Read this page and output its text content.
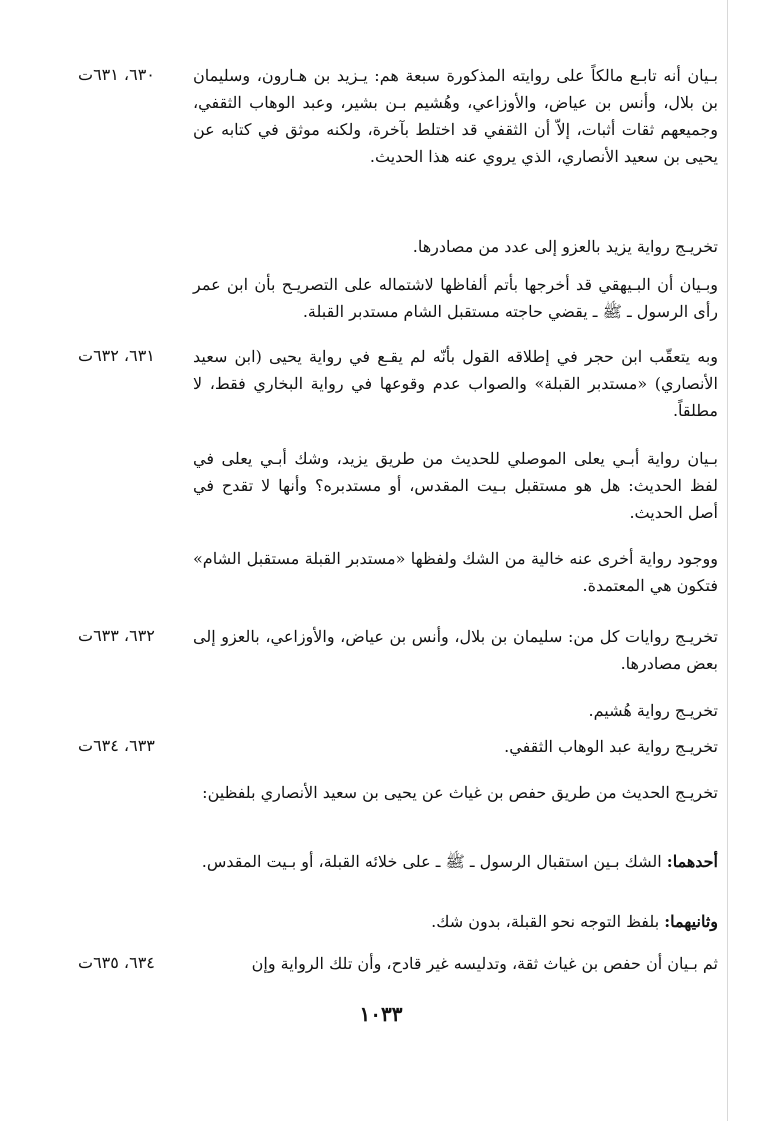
٦٣٠، ٦٣١ت	بـيان أنه تابـع مالكاً على روايته المذكورة سبعة هم: يـزيد بن هـارون، وسليمان بن بلال، وأنس بن عياض، والأوزاعي، وهُشيم بـن بشير، وعبد الوهاب الثقفي، وجميعهم ثقات أثبات، إلاّ أن الثقفي قد اختلط بآخرة، ولكنه موثق في كتابه عن يحيى بن سعيد الأنصاري، الذي يروي عنه هذا الحديث.
تخريـج رواية يزيد بالعزو إلى عدد من مصادرها.
وبـيان أن البـيهقي قد أخرجها بأتم ألفاظها لاشتماله على التصريـح بأن ابن عمر رأى الرسول ـ ﷺ ـ يقضي حاجته مستقبل الشام مستدبر القبلة.
٦٣١، ٦٣٢ت	وبه يتعقّب ابن حجر في إطلاقه القول بأنّه لم يقـع في رواية يحيى (ابن سعيد الأنصاري) «مستدبر القبلة» والصواب عدم وقوعها في رواية البخاري فقط، لا مطلقاً.
بـيان رواية أبـي يعلى الموصلي للحديث من طريق يزيد، وشك أبـي يعلى في لفظ الحديث: هل هو مستقبل بـيت المقدس، أو مستدبره؟ وأنها لا تقدح في أصل الحديث.
ووجود رواية أخرى عنه خالية من الشك ولفظها «مستدبر القبلة مستقبل الشام» فتكون هي المعتمدة.
٦٣٢، ٦٣٣ت	تخريـج روايات كل من: سليمان بن بلال، وأنس بن عياض، والأوزاعي، بالعزو إلى بعض مصادرها.
تخريـج رواية هُشيم.
٦٣٣، ٦٣٤ت	تخريـج رواية عبد الوهاب الثقفي.
تخريـج الحديث من طريق حفص بن غياث عن يحيى بن سعيد الأنصاري بلفظين:
أحدهما: الشك بـين استقبال الرسول ـ ﷺ ـ على خلائه القبلة، أو بـيت المقدس.
وثانيهما: بلفظ التوجه نحو القبلة، بدون شك.
٦٣٤، ٦٣٥ت	ثم بـيان أن حفص بن غياث ثقة، وتدليسه غير قادح، وأن تلك الرواية وإن
١٠٣٣
